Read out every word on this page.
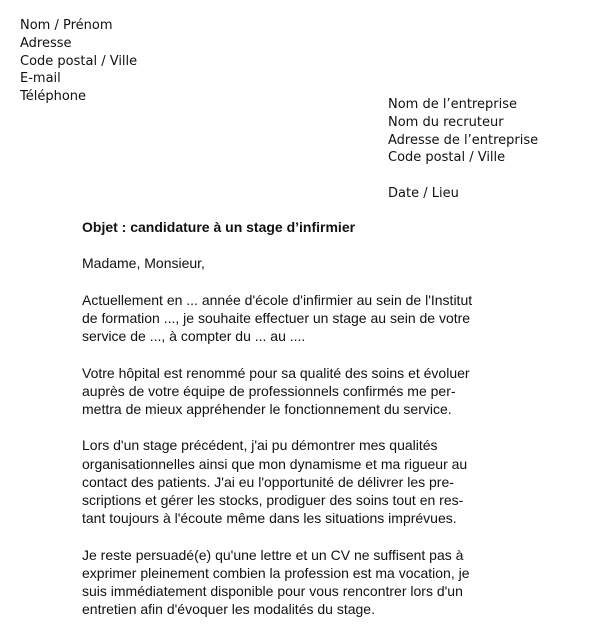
Nom / Prénom
Adresse
Code postal / Ville
E-mail
Téléphone
Nom de l’entreprise
Nom du recruteur
Adresse de l’entreprise
Code postal / Ville
Date / Lieu
Objet : candidature à un stage d’infirmier
Madame, Monsieur,
Actuellement en ... année d'école d'infirmier au sein de l'Institut
de formation ..., je souhaite effectuer un stage au sein de votre
service de ..., à compter du ... au ....
Votre hôpital est renommé pour sa qualité des soins et évoluer
auprès de votre équipe de professionnels confirmés me per-
mettra de mieux appréhender le fonctionnement du service.
Lors d'un stage précédent, j'ai pu démontrer mes qualités
organisationnelles ainsi que mon dynamisme et ma rigueur au
contact des patients. J'ai eu l'opportunité de délivrer les pre-
scriptions et gérer les stocks, prodiguer des soins tout en res-
tant toujours à l'écoute même dans les situations imprévues.
Je reste persuadé(e) qu'une lettre et un CV ne suffisent pas à
exprimer pleinement combien la profession est ma vocation, je
suis immédiatement disponible pour vous rencontrer lors d'un
entretien afin d'évoquer les modalités du stage.
